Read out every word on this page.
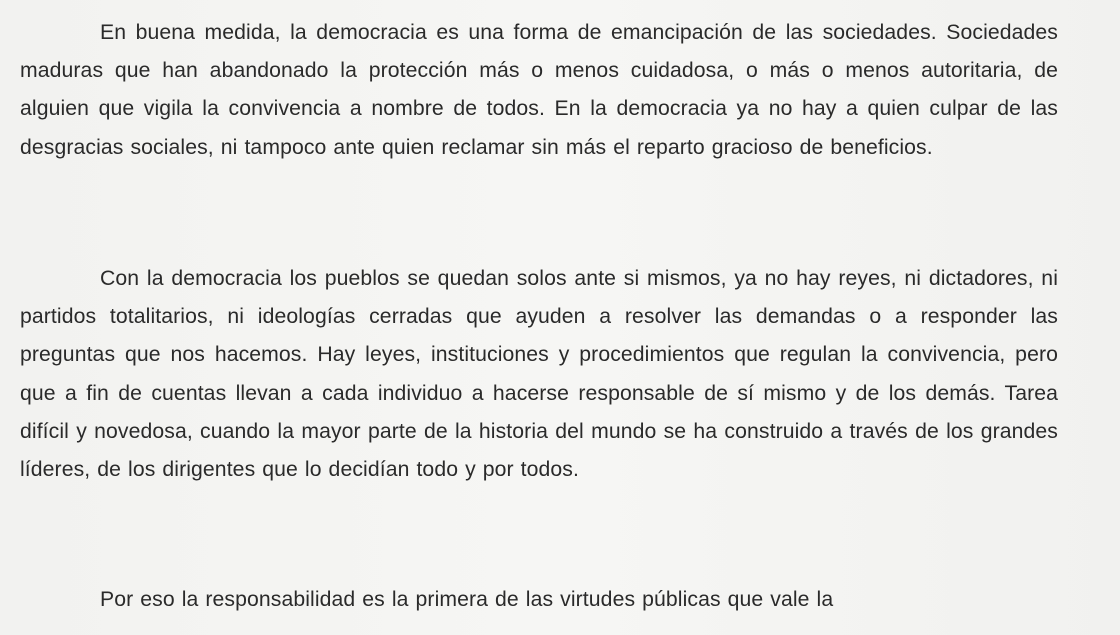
En buena medida, la democracia es una forma de emancipación de las sociedades. Sociedades maduras que han abandonado la protección más o menos cuidadosa, o más o menos autoritaria, de alguien que vigila la convivencia a nombre de todos. En la democracia ya no hay a quien culpar de las desgracias sociales, ni tampoco ante quien reclamar sin más el reparto gracioso de beneficios.

Con la democracia los pueblos se quedan solos ante si mismos, ya no hay reyes, ni dictadores, ni partidos totalitarios, ni ideologías cerradas que ayuden a resolver las demandas o a responder las preguntas que nos hacemos. Hay leyes, instituciones y procedimientos que regulan la convivencia, pero que a fin de cuentas llevan a cada individuo a hacerse responsable de sí mismo y de los demás. Tarea difícil y novedosa, cuando la mayor parte de la historia del mundo se ha construido a través de los grandes líderes, de los dirigentes que lo decidían todo y por todos.

Por eso la responsabilidad es la primera de las virtudes públicas que vale la
